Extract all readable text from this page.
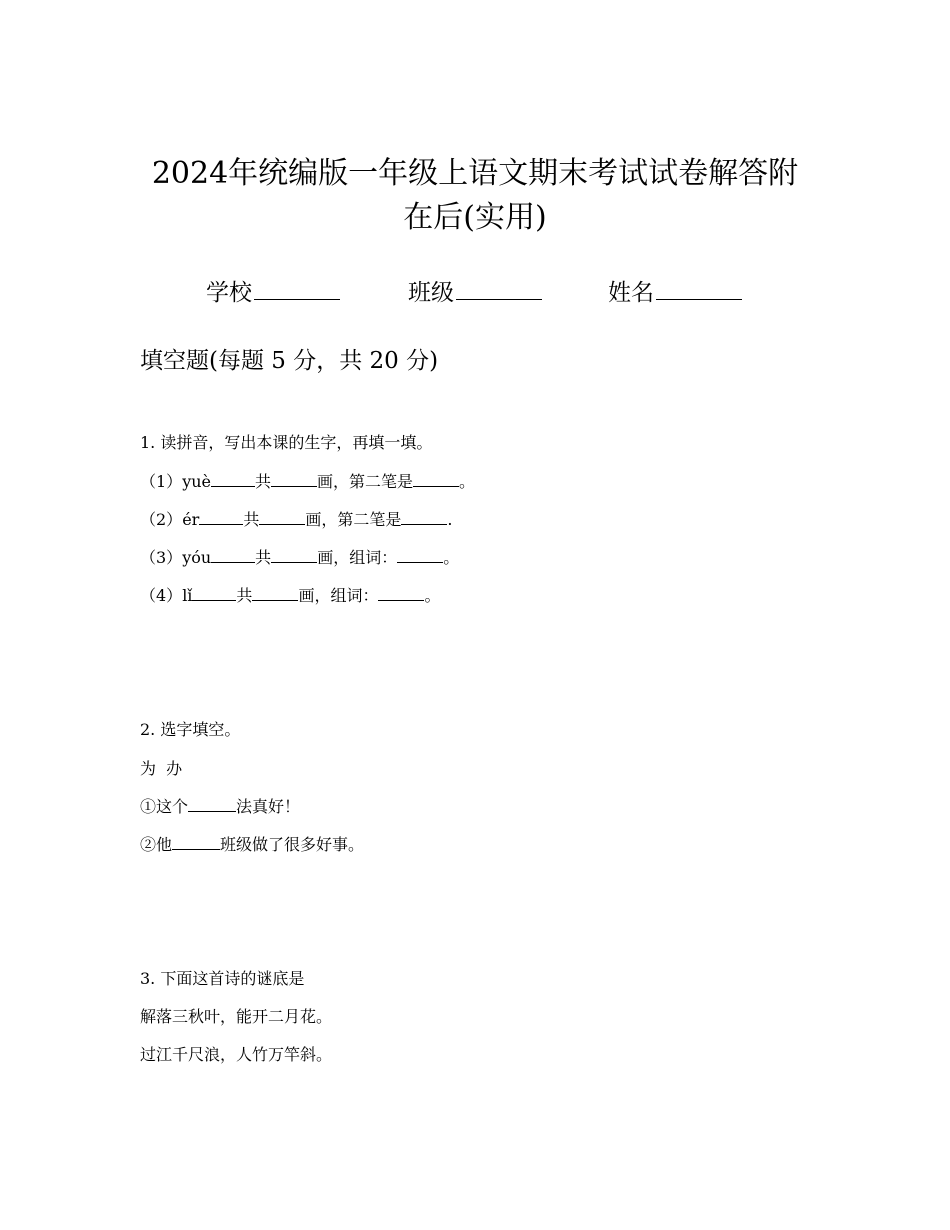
2024年统编版一年级上语文期末考试试卷解答附
在后(实用)
学校	班级	姓名
填空题(每题 5 分，共 20 分)
1. 读拼音，写出本课的生字，再填一填。
（1）yuè	共	画，第二笔是	。
（2）ér	共	画，第二笔是	.
（3）yóu	共	画，组词：	。
（4）lǐ	共	画，组词：	。
2. 选字填空。
为  办
①这个	法真好！
②他	班级做了很多好事。
3. 下面这首诗的谜底是
解落三秋叶，能开二月花。
过江千尺浪，人竹万竿斜。
